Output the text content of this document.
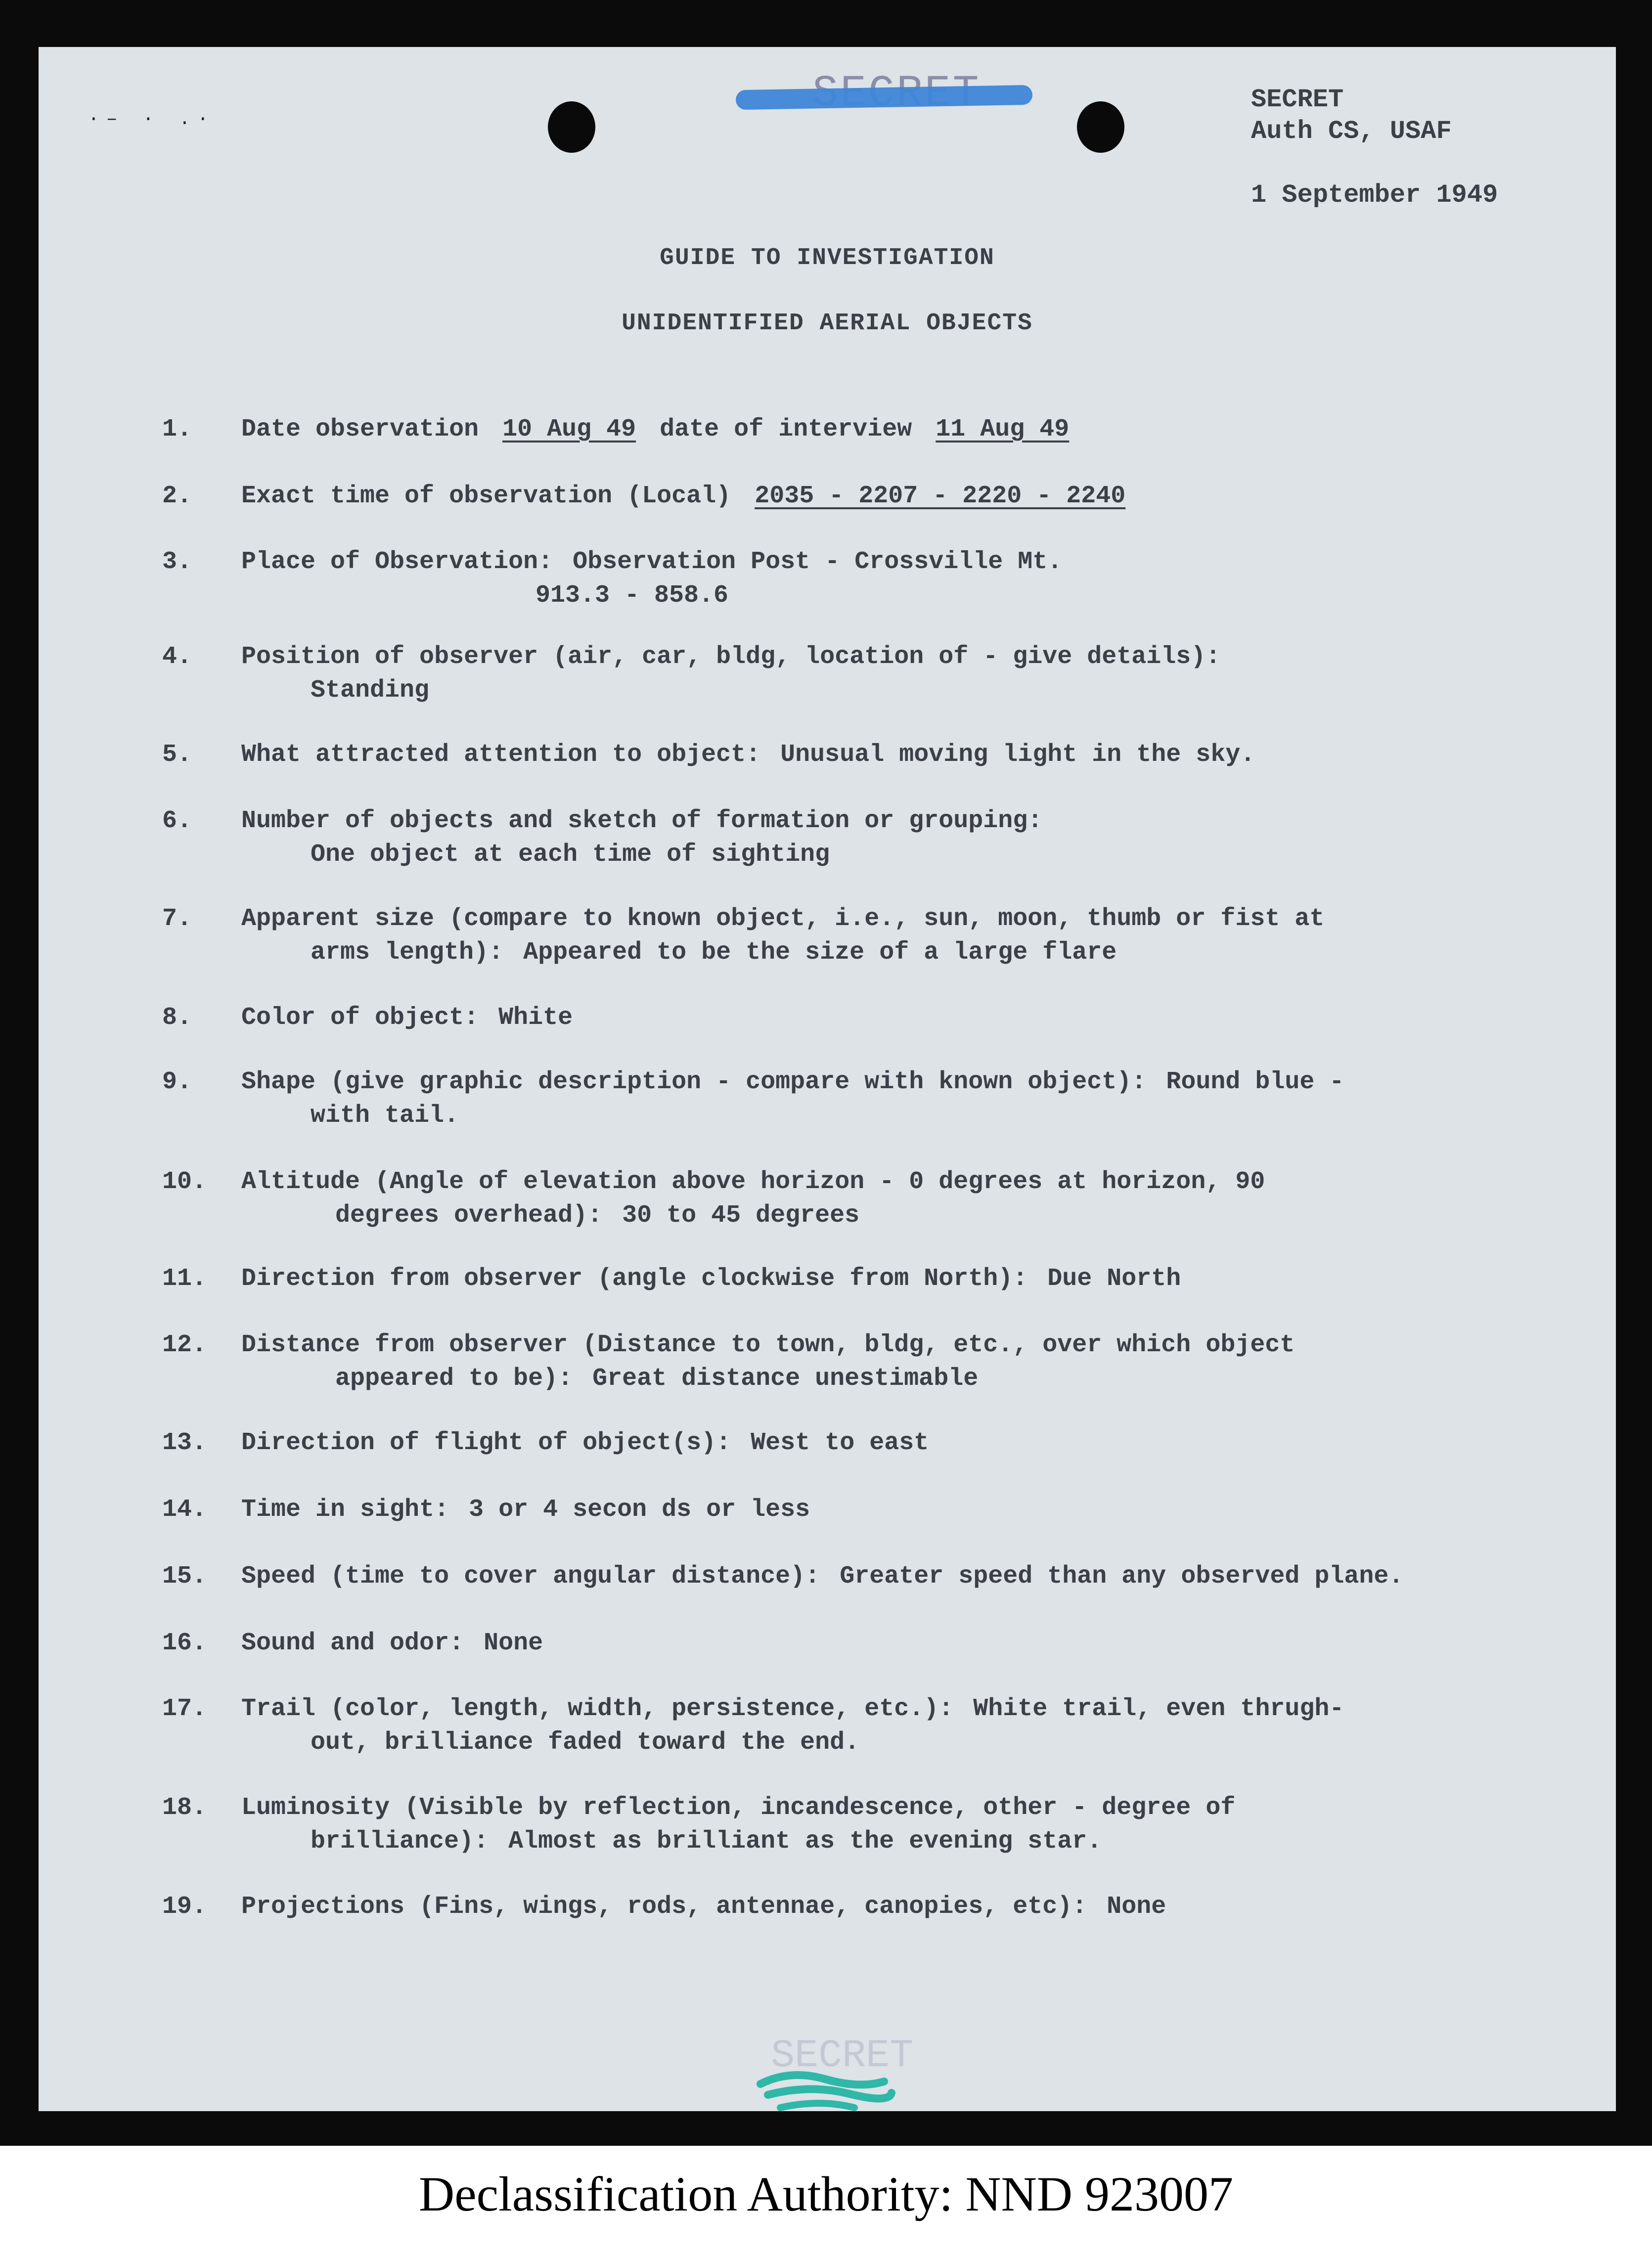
·‒ · .·
SECRET
Auth CS, USAF
1 September 1949
GUIDE TO INVESTIGATION
UNIDENTIFIED AERIAL OBJECTS
1. Date observation 10 Aug 49 date of interview 11 Aug 49
2. Exact time of observation (Local) 2035 - 2207 - 2220 - 2240
3. Place of Observation: Observation Post - Crossville Mt.
913.3 - 858.6
4. Position of observer (air, car, bldg, location of - give details):
Standing
5. What attracted attention to object: Unusual moving light in the sky.
6. Number of objects and sketch of formation or grouping:
One object at each time of sighting
7. Apparent size (compare to known object, i.e., sun, moon, thumb or fist at
arms length): Appeared to be the size of a large flare
8. Color of object: White
9. Shape (give graphic description - compare with known object): Round blue -
with tail.
10. Altitude (Angle of elevation above horizon - 0 degrees at horizon, 90
degrees overhead): 30 to 45 degrees
11. Direction from observer (angle clockwise from North): Due North
12. Distance from observer (Distance to town, bldg, etc., over which object
appeared to be): Great distance unestimable
13. Direction of flight of object(s): West to east
14. Time in sight: 3 or 4 secon ds or less
15. Speed (time to cover angular distance): Greater speed than any observed plane.
16. Sound and odor: None
17. Trail (color, length, width, persistence, etc.): White trail, even thrugh-
out, brilliance faded toward the end.
18. Luminosity (Visible by reflection, incandescence, other - degree of
brilliance): Almost as brilliant as the evening star.
19. Projections (Fins, wings, rods, antennae, canopies, etc): None
SECRET
Declassification Authority: NND 923007
